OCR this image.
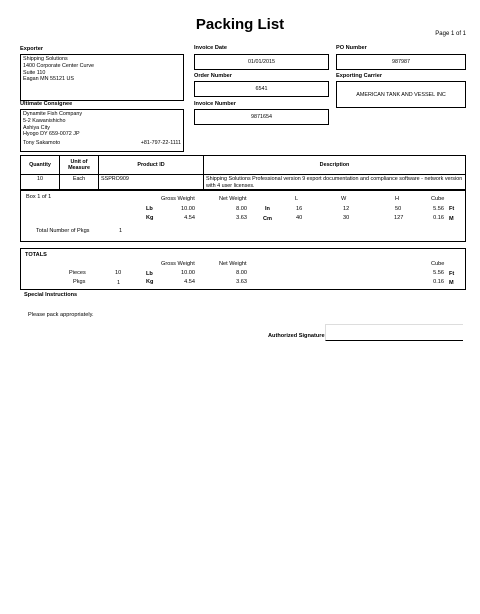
Packing List
Page 1 of 1
Exporter
Shipping Solutions
1400 Corporate Center Curve
Suite 110
Eagan MN 55121 US
Ultimate Consignee
Dynamite Fish Company
5-2 Kawanishicho
Ashiya City
Hyogo DY 659-0072 JP
Tony Sakamoto	+81-797-22-1111
Invoice Date
01/01/2015
Order Number
6541
Invoice Number
9871654
PO Number
987987
Exporting Carrier
AMERICAN TANK AND VESSEL INC
Quantity	Unit of Measure	Product ID	Description
10	Each	SSPRO909	Shipping Solutions Professional version 9 export documentation and compliance software - network version with 4 user licenses.
Box 1 of 1	Gross Weight	Net Weight	L	W	H	Cube
Lb	10.00	8.00	In	16	12	50	5.56 Ft
Kg	4.54	3.63	Cm	40	30	127	0.16 M
Total Number of Pkgs	1
TOTALS
Gross Weight	Net Weight	Cube
Pieces	10	Lb	10.00	8.00	5.56 Ft
Pkgs	1	Kg	4.54	3.63	0.16 M
Special Instructions
Please pack appropriately.
Authorized Signature:
